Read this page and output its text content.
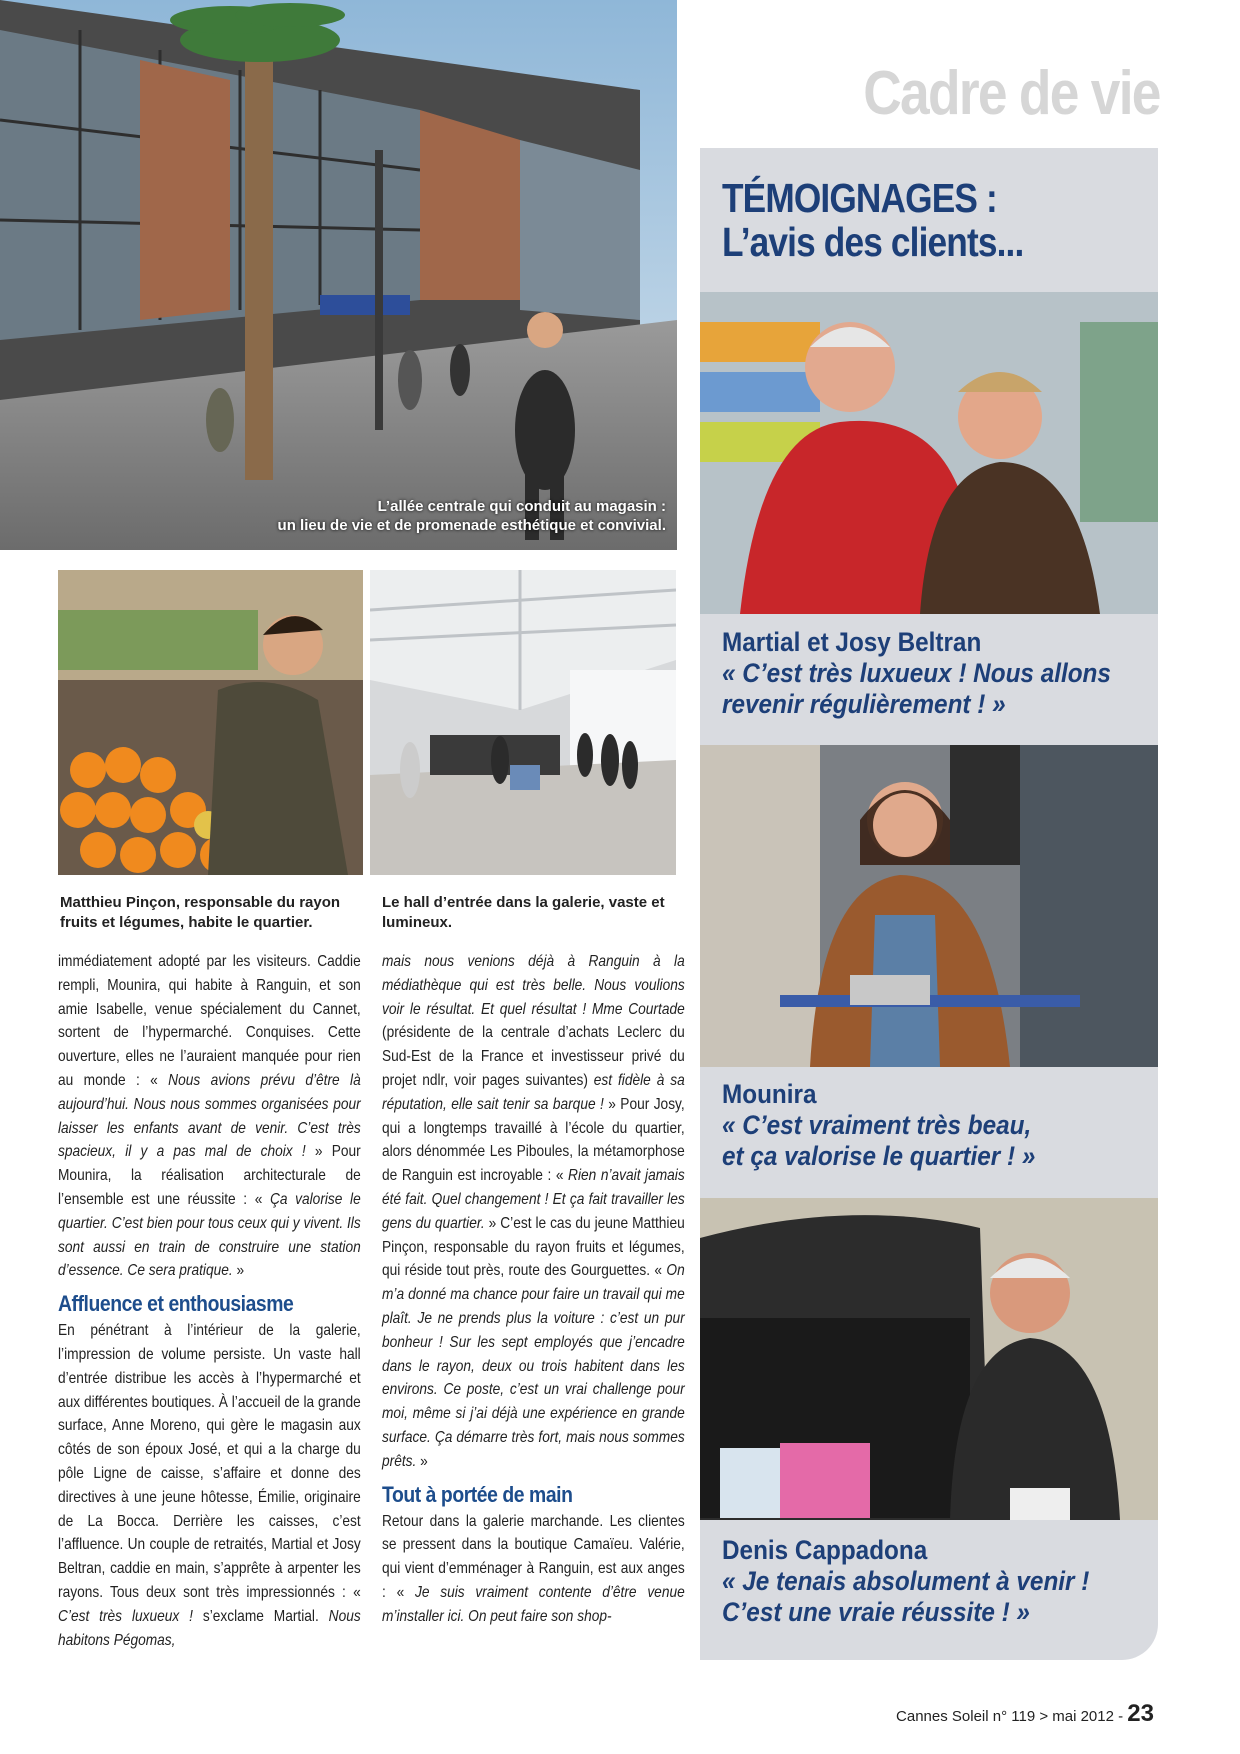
Cadre de vie
L’allée centrale qui conduit au magasin :
un lieu de vie et de promenade esthétique et convivial.
Matthieu Pinçon, responsable du rayon fruits et légumes, habite le quartier.
Le hall d’entrée dans la galerie, vaste et lumineux.

immédiatement adopté par les visiteurs. Caddie rempli, Mounira, qui habite à Ranguin, et son amie Isabelle, venue spécialement du Cannet, sortent de l’hypermarché. Conquises. Cette ouverture, elles ne l’auraient manquée pour rien au monde : « Nous avions prévu d’être là aujourd’hui. Nous nous sommes organisées pour laisser les enfants avant de venir. C’est très spacieux, il y a pas mal de choix ! » Pour Mounira, la réalisation architecturale de l’ensemble est une réussite : « Ça valorise le quartier. C’est bien pour tous ceux qui y vivent. Ils sont aussi en train de construire une station d’essence. Ce sera pratique. »

Affluence et enthousiasme

En pénétrant à l’intérieur de la galerie, l’impression de volume persiste. Un vaste hall d’entrée distribue les accès à l’hypermarché et aux différentes boutiques. À l’accueil de la grande surface, Anne Moreno, qui gère le magasin aux côtés de son époux José, et qui a la charge du pôle Ligne de caisse, s’affaire et donne des directives à une jeune hôtesse, Émilie, originaire de La Bocca. Derrière les caisses, c’est l’affluence. Un couple de retraités, Martial et Josy Beltran, caddie en main, s’apprête à arpenter les rayons. Tous deux sont très impressionnés : « C’est très luxueux ! s’exclame Martial. Nous habitons Pégomas,

mais nous venions déjà à Ranguin à la médiathèque qui est très belle. Nous voulions voir le résultat. Et quel résultat ! Mme Courtade (présidente de la centrale d’achats Leclerc du Sud-Est de la France et investisseur privé du projet ndlr, voir pages suivantes) est fidèle à sa réputation, elle sait tenir sa barque ! » Pour Josy, qui a longtemps travaillé à l’école du quartier, alors dénommée Les Piboules, la métamorphose de Ranguin est incroyable : « Rien n’avait jamais été fait. Quel changement ! Et ça fait travailler les gens du quartier. » C’est le cas du jeune Matthieu Pinçon, responsable du rayon fruits et légumes, qui réside tout près, route des Gourguettes. « On m’a donné ma chance pour faire un travail qui me plaît. Je ne prends plus la voiture : c’est un pur bonheur ! Sur les sept employés que j’encadre dans le rayon, deux ou trois habitent dans les environs. Ce poste, c’est un vrai challenge pour moi, même si j’ai déjà une expérience en grande surface. Ça démarre très fort, mais nous sommes prêts. »

Tout à portée de main

Retour dans la galerie marchande. Les clientes se pressent dans la boutique Camaïeu. Valérie, qui vient d’emménager à Ranguin, est aux anges : « Je suis vraiment contente d’être venue m’installer ici. On peut faire son shop-

TÉMOIGNAGES :
L’avis des clients...
Martial et Josy Beltran
« C’est très luxueux ! Nous allons
revenir régulièrement ! »
Mounira
« C’est vraiment très beau,
et ça valorise le quartier ! »
Denis Cappadona
« Je tenais absolument à venir !
C’est une vraie réussite ! »
Cannes Soleil n° 119 > mai 2012 - 23
